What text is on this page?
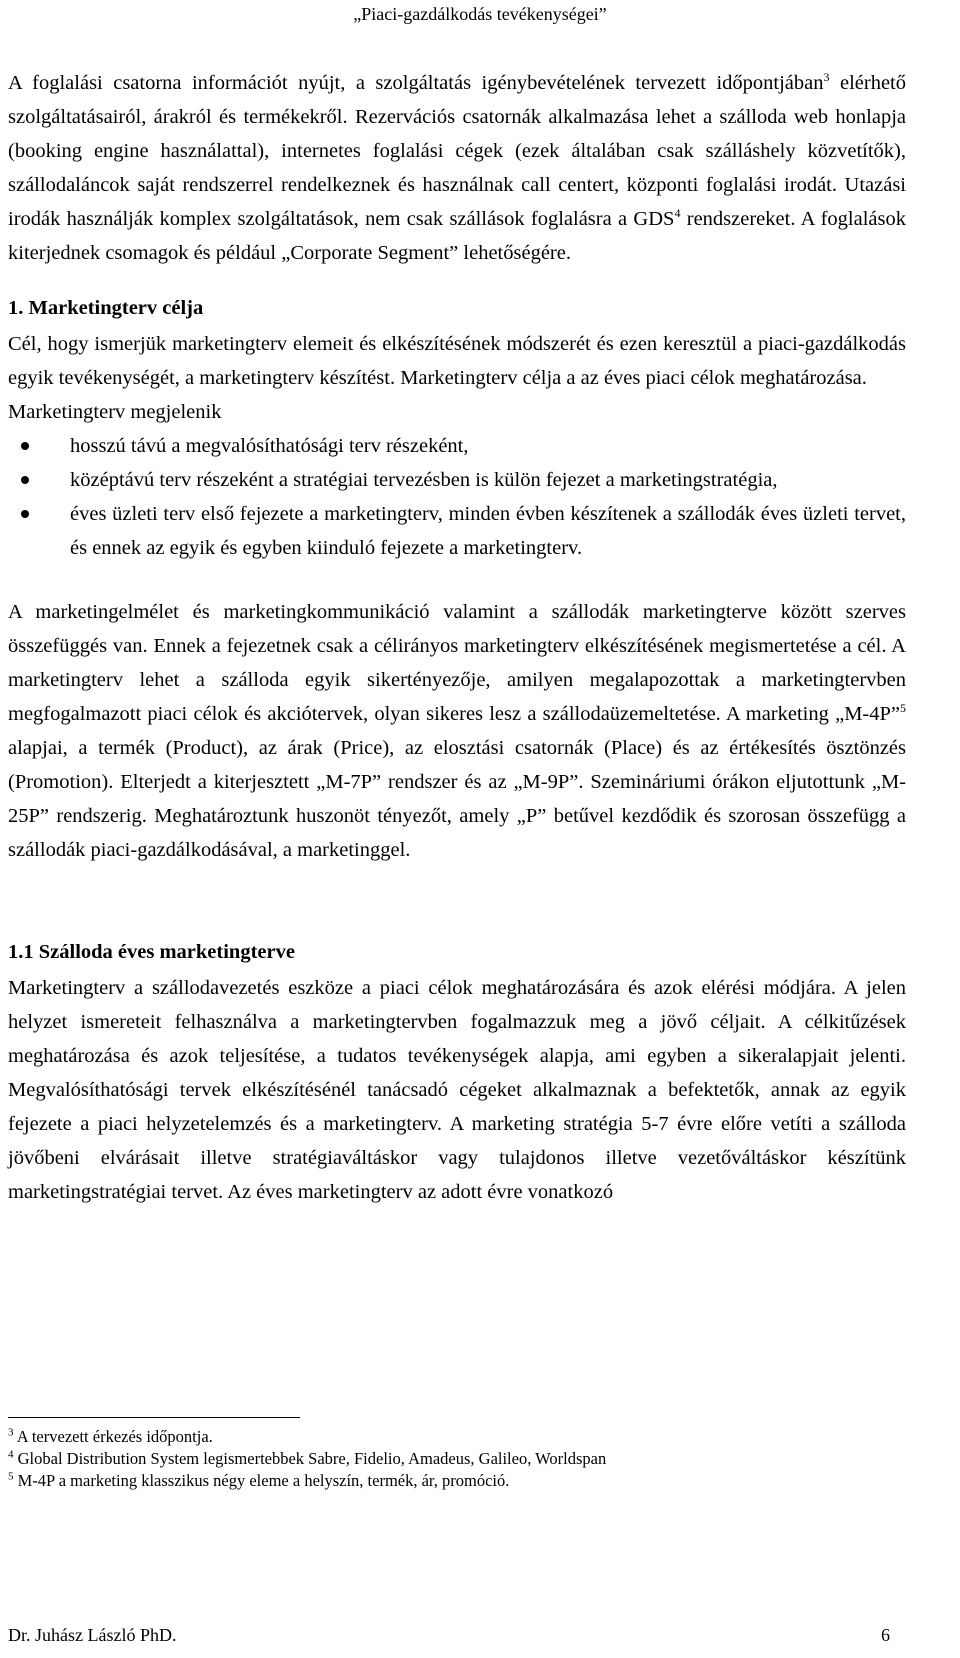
„Piaci-gazdálkodás tevékenységei”

A foglalási csatorna információt nyújt, a szolgáltatás igénybevételének tervezett időpontjában$^3$ elérhető szolgáltatásairól, árakról és termékekről. Rezervációs csatornák alkalmazása lehet a szálloda web honlapja (booking engine használattal), internetes foglalási cégek (ezek általában csak szálláshely közvetítők), szállodaláncok saját rendszerrel rendelkeznek és használnak call centert, központi foglalási irodát. Utazási irodák használják komplex szolgáltatások, nem csak szállások foglalásra a GDS$^4$ rendszereket. A foglalások kiterjednek csomagok és például „Corporate Segment” lehetőségére.

1. Marketingterv célja

Cél, hogy ismerjük marketingterv elemeit és elkészítésének módszerét és ezen keresztül a piaci-gazdálkodás egyik tevékenységét, a marketingterv készítést. Marketingterv célja a az éves piaci célok meghatározása.

Marketingterv megjelenik

hosszú távú a megvalósíthatósági terv részeként,
középtávú terv részeként a stratégiai tervezésben is külön fejezet a marketingstratégia,
éves üzleti terv első fejezete a marketingterv, minden évben készítenek a szállodák éves üzleti tervet, és ennek az egyik és egyben kiinduló fejezete a marketingterv.

A marketingelmélet és marketingkommunikáció valamint a szállodák marketingterve között szerves összefüggés van. Ennek a fejezetnek csak a célirányos marketingterv elkészítésének megismertetése a cél. A marketingterv lehet a szálloda egyik sikertényezője, amilyen megalapozottak a marketingtervben megfogalmazott piaci célok és akciótervek, olyan sikeres lesz a szállodaüzemeltetése. A marketing „M-4P”$^5$ alapjai, a termék (Product), az árak (Price), az elosztási csatornák (Place) és az értékesítés ösztönzés (Promotion). Elterjedt a kiterjesztett „M-7P” rendszer és az „M-9P”. Szemináriumi órákon eljutottunk „M-25P” rendszerig. Meghatároztunk huszonöt tényezőt, amely „P” betűvel kezdődik és szorosan összefügg a szállodák piaci-gazdálkodásával, a marketinggel.

1.1 Szálloda éves marketingterve

Marketingterv a szállodavezetés eszköze a piaci célok meghatározására és azok elérési módjára. A jelen helyzet ismereteit felhasználva a marketingtervben fogalmazzuk meg a jövő céljait. A célkitűzések meghatározása és azok teljesítése, a tudatos tevékenységek alapja, ami egyben a sikeralapjait jelenti. Megvalósíthatósági tervek elkészítésénél tanácsadó cégeket alkalmaznak a befektetők, annak az egyik fejezete a piaci helyzetelemzés és a marketingterv. A marketing stratégia 5-7 évre előre vetíti a szálloda jövőbeni elvárásait illetve stratégiaváltáskor vagy tulajdonos illetve vezetőváltáskor készítünk marketingstratégiai tervet. Az éves marketingterv az adott évre vonatkozó

$^3$ A tervezett érkezés időpontja.
$^4$ Global Distribution System legismertebbek Sabre, Fidelio, Amadeus, Galileo, Worldspan
$^5$ M-4P a marketing klasszikus négy eleme a helyszín, termék, ár, promóció.
Dr. Juhász László PhD.	6
